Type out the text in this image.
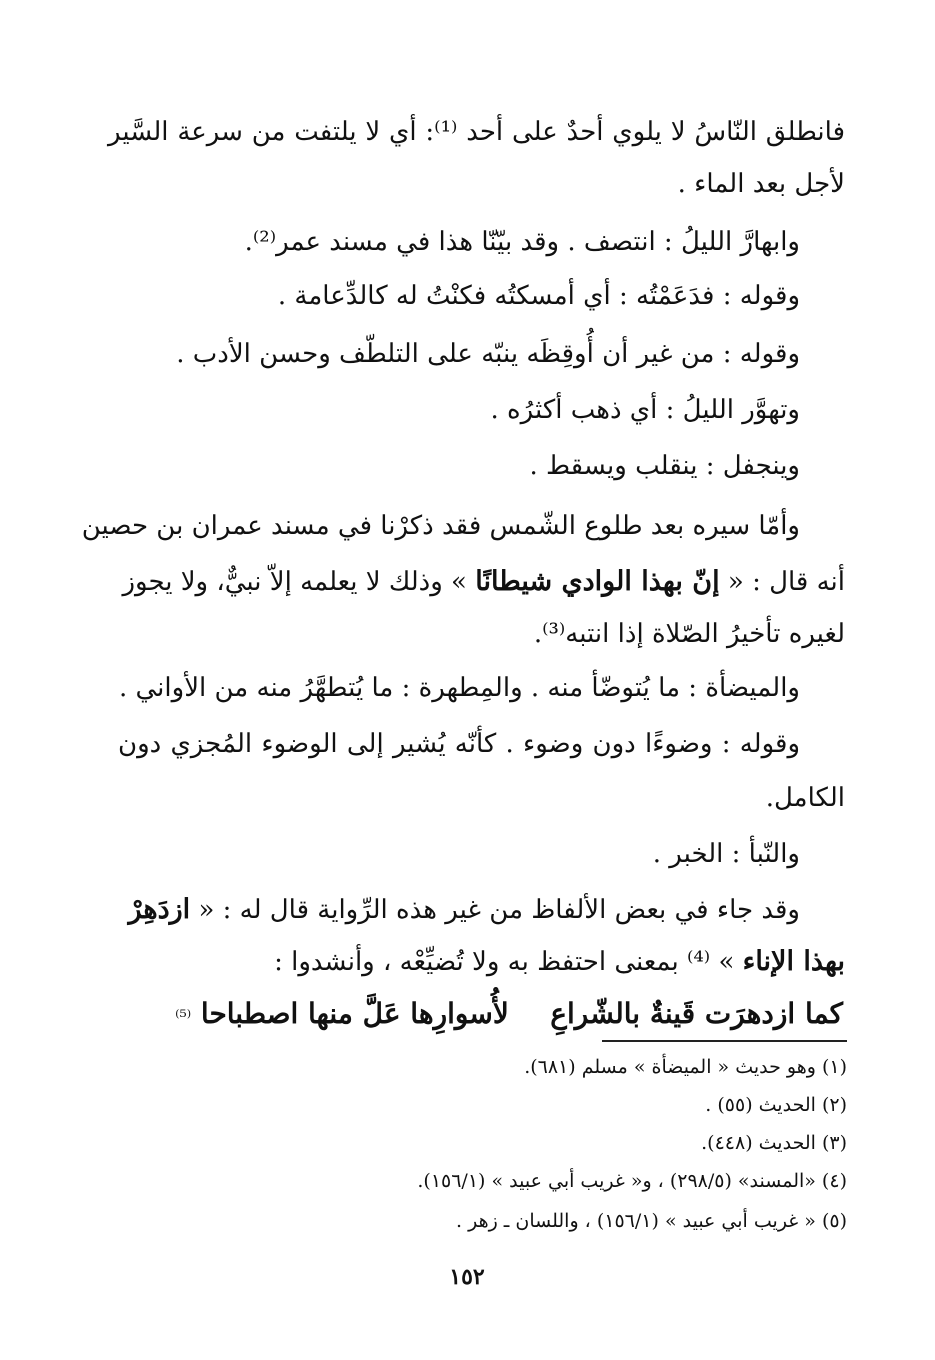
فانطلق النّاسُ لا يلوي أحدٌ على أحد ⁽¹⁾: أي لا يلتفت من سرعة السَّير
لأجل بعد الماء .
وابهارَّ الليلُ : انتصف . وقد بيّنّا هذا في مسند عمر⁽²⁾.
وقوله : فدَعَمْتُه : أي أمسكتُه فكنْتُ له كالدِّعامة .
وقوله : من غير أن أُوقِظَه ينبّه على التلطّف وحسن الأدب .
وتهوَّر الليلُ : أي ذهب أكثرُه .
وينجفل : ينقلب ويسقط .
وأمّا سيره بعد طلوع الشّمس فقد ذكرْنا في مسند عمران بن حصين
أنه قال : « إنّ بهذا الوادي شيطانًا » وذلك لا يعلمه إلاّ نبيٌّ، ولا يجوز
لغيره تأخيرُ الصّلاة إذا انتبه⁽³⁾.
والميضأة : ما يُتوضّأ منه . والمِطهرة : ما يُتطهَّرُ منه من الأواني .
وقوله : وضوءًا دون وضوء . كأنّه يُشير إلى الوضوء المُجزي دون
الكامل.
والنّبأ : الخبر .
وقد جاء في بعض الألفاظ من غير هذه الرِّواية قال له : « ازدَهِرْ
بهذا الإناء » ⁽⁴⁾ بمعنى احتفظ به ولا تُضيِّعْه ، وأنشدوا :
كما ازدهرَت قَينةٌ بالشّراعِ  لأُسوارِها عَلَّ منها اصطباحا ⁽⁵⁾
(١) وهو حديث « الميضأة » مسلم (٦٨١).
(٢) الحديث (٥٥) .
(٣) الحديث (٤٤٨).
(٤) «المسند» (٢٩٨/٥) ، و« غريب أبي عبيد » (١٥٦/١).
(٥) « غريب أبي عبيد » (١٥٦/١) ، واللسان ـ زهر .
١٥٢
